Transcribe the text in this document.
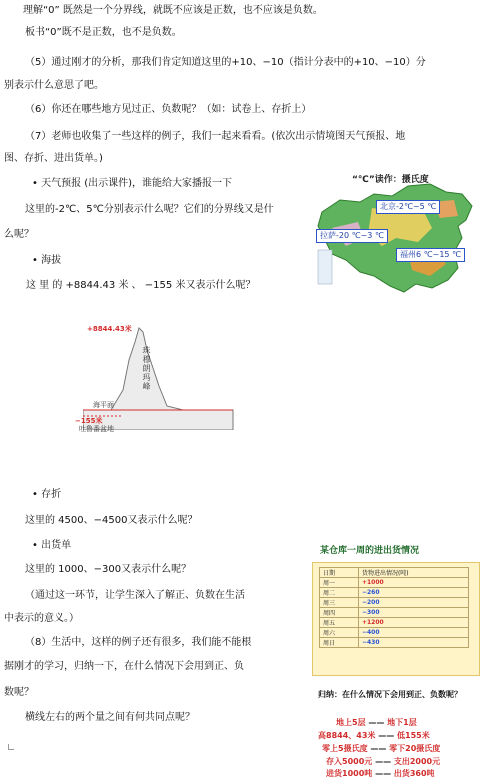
理解“0” 既然是一个分界线，就既不应该是正数，也不应该是负数。
板书“0”既不是正数，也不是负数。
（5）通过刚才的分析，那我们肯定知道这里的+10、−10（指计分表中的+10、−10）分
别表示什么意思了吧。
（6）你还在哪些地方见过正、负数呢？（如：试卷上、存折上）
（7）老师也收集了一些这样的例子，我们一起来看看。(依次出示情境图天气预报、地
图、存折、进出货单。)
• 天气预报 (出示课件)，谁能给大家播报一下
这里的-2℃、5℃分别表示什么呢？它们的分界线又是什
么呢？
• 海拔
这 里 的 +8844.43 米 、 −155 米又表示什么呢？
• 存折
这里的 4500、−4500又表示什么呢？
• 出货单
这里的 1000、−300又表示什么呢？
（通过这一环节，让学生深入了解正、负数在生活
中表示的意义。）
（8）生活中，这样的例子还有很多，我们能不能根
据刚才的学习，归纳一下，在什么情况下会用到正、负
数呢？
横线左右的两个量之间有何共同点呢？
“℃”读作：摄氏度
北京-2℃~5 ℃
拉萨-20 ℃~3 ℃
福州6 ℃~15 ℃
+8844.43米
珠穆朗玛峰
海平面
−155米
吐鲁番盆地
某仓库一周的进出货情况
日期	货物进出情况(吨)
周一	+1000
周二	−260
周三	−200
周四	−300
周五	+1200
周六	−400
周日	−430
归纳：在什么情况下会用到正、负数呢？
地上5层 —— 地下1层
高8844、43米 —— 低155米
零上5摄氏度 —— 零下20摄氏度
存入5000元 —— 支出2000元
进货1000吨 —— 出货360吨
